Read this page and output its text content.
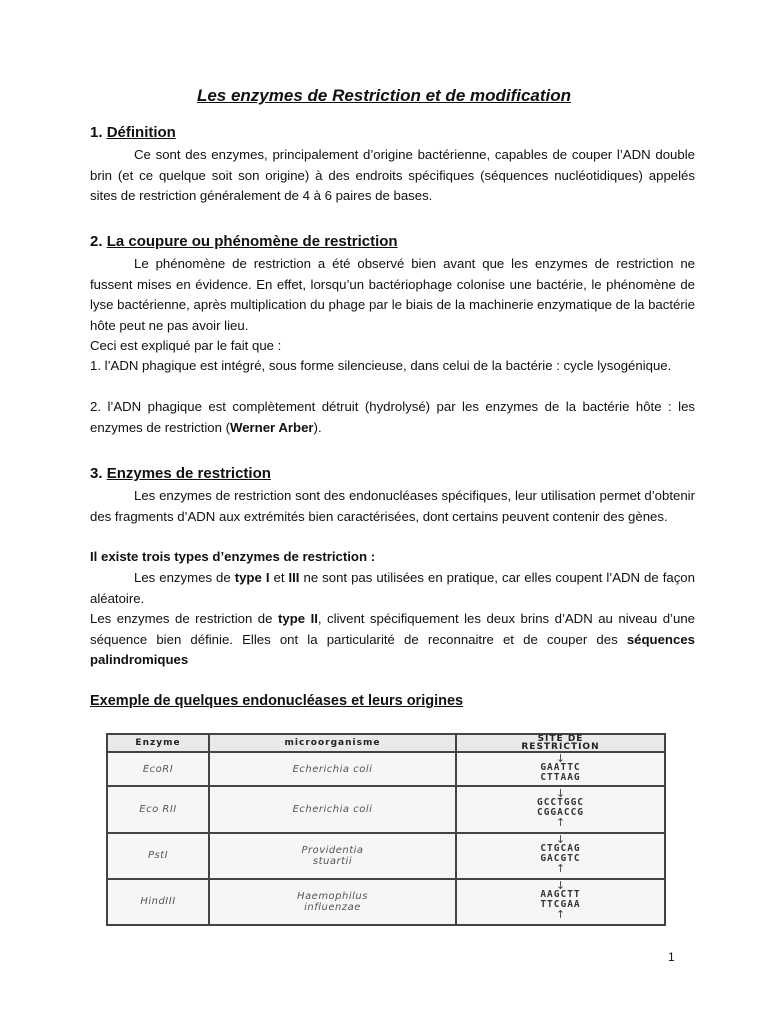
Les enzymes de Restriction et de modification
1. Définition

Ce sont des enzymes, principalement d’origine bactérienne, capables de couper l’ADN double brin (et ce quelque soit son origine) à des endroits spécifiques (séquences nucléotidiques) appelés sites de restriction généralement de 4 à 6 paires de bases.

2. La coupure ou phénomène de restriction

Le phénomène de restriction a été observé bien avant que les enzymes de restriction ne fussent mises en évidence. En effet, lorsqu’un bactériophage colonise une bactérie, le phénomène de lyse bactérienne, après multiplication du phage par le biais de la machinerie enzymatique de la bactérie hôte peut ne pas avoir lieu.

Ceci est expliqué par le fait que :

1. l’ADN phagique est intégré, sous forme silencieuse, dans celui de la bactérie : cycle lysogénique.

2. l’ADN phagique est complètement détruit (hydrolysé) par les enzymes de la bactérie hôte : les enzymes de restriction (Werner Arber).

3. Enzymes de restriction

Les enzymes de restriction sont des endonucléases spécifiques, leur utilisation permet d’obtenir des fragments d’ADN aux extrémités bien caractérisées, dont certains peuvent contenir des gènes.

Il existe trois types d’enzymes de restriction :

Les enzymes de type I et III ne sont pas utilisées en pratique, car elles coupent l’ADN de façon aléatoire.

Les enzymes de restriction de type II, clivent spécifiquement les deux brins d’ADN au niveau d’une séquence bien définie. Elles ont la particularité de reconnaitre et de couper des séquences palindromiques

Exemple de quelques endonucléases et leurs origines
Enzyme	microorganisme	SITE DE
RESTRICTION
EcoRI	Echerichia coli	↓
GAATTC
CTTAAG

Eco RII	Echerichia coli	↓
GCCTGGC
CGGACCG
↑

PstI	Providentia
stuartii	↓
CTGCAG
GACGTC
↑

HindIII	Haemophilus
influenzae	↓
AAGCTT
TTCGAA
↑

1
